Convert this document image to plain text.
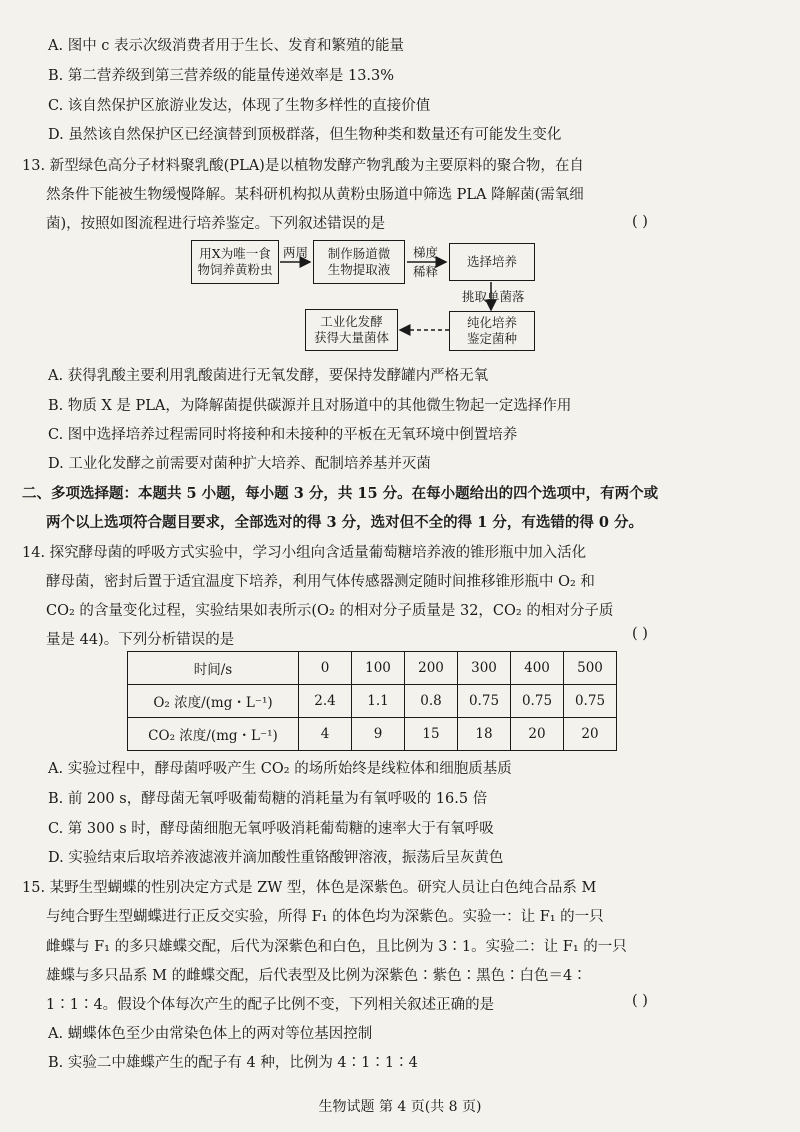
A. 图中 c 表示次级消费者用于生长、发育和繁殖的能量
B. 第二营养级到第三营养级的能量传递效率是 13.3%
C. 该自然保护区旅游业发达，体现了生物多样性的直接价值
D. 虽然该自然保护区已经演替到顶极群落，但生物种类和数量还有可能发生变化
13. 新型绿色高分子材料聚乳酸(PLA)是以植物发酵产物乳酸为主要原料的聚合物，在自
然条件下能被生物缓慢降解。某科研机构拟从黄粉虫肠道中筛选 PLA 降解菌(需氧细
菌)，按照如图流程进行培养鉴定。下列叙述错误的是	( )
用X为唯一食
物饲养黄粉虫
两周 制作肠道微
生物提取液
梯度
稀释
选择培养
挑取单菌落
纯化培养
鉴定菌种
工业化发酵
获得大量菌体
A. 获得乳酸主要利用乳酸菌进行无氧发酵，要保持发酵罐内严格无氧
B. 物质 X 是 PLA，为降解菌提供碳源并且对肠道中的其他微生物起一定选择作用
C. 图中选择培养过程需同时将接种和未接种的平板在无氧环境中倒置培养
D. 工业化发酵之前需要对菌种扩大培养、配制培养基并灭菌
二、多项选择题：本题共 5 小题，每小题 3 分，共 15 分。在每小题给出的四个选项中，有两个或
两个以上选项符合题目要求，全部选对的得 3 分，选对但不全的得 1 分，有选错的得 0 分。
14. 探究酵母菌的呼吸方式实验中，学习小组向含适量葡萄糖培养液的锥形瓶中加入活化
酵母菌，密封后置于适宜温度下培养，利用气体传感器测定随时间推移锥形瓶中 O₂ 和
CO₂ 的含量变化过程，实验结果如表所示(O₂ 的相对分子质量是 32，CO₂ 的相对分子质
量是 44)。下列分析错误的是	( )
时间/s	0	100	200	300	400	500
O₂ 浓度/(mg・L⁻¹)	2.4	1.1	0.8	0.75	0.75	0.75
CO₂ 浓度/(mg・L⁻¹)	4	9	15	18	20	20
A. 实验过程中，酵母菌呼吸产生 CO₂ 的场所始终是线粒体和细胞质基质
B. 前 200 s，酵母菌无氧呼吸葡萄糖的消耗量为有氧呼吸的 16.5 倍
C. 第 300 s 时，酵母菌细胞无氧呼吸消耗葡萄糖的速率大于有氧呼吸
D. 实验结束后取培养液滤液并滴加酸性重铬酸钾溶液，振荡后呈灰黄色
15. 某野生型蝴蝶的性别决定方式是 ZW 型，体色是深紫色。研究人员让白色纯合品系 M
与纯合野生型蝴蝶进行正反交实验，所得 F₁ 的体色均为深紫色。实验一：让 F₁ 的一只
雌蝶与 F₁ 的多只雄蝶交配，后代为深紫色和白色，且比例为 3∶1。实验二：让 F₁ 的一只
雄蝶与多只品系 M 的雌蝶交配，后代表型及比例为深紫色∶紫色∶黑色∶白色＝4∶
1∶1∶4。假设个体每次产生的配子比例不变，下列相关叙述正确的是	( )
A. 蝴蝶体色至少由常染色体上的两对等位基因控制
B. 实验二中雄蝶产生的配子有 4 种，比例为 4∶1∶1∶4
生物试题 第 4 页(共 8 页)
